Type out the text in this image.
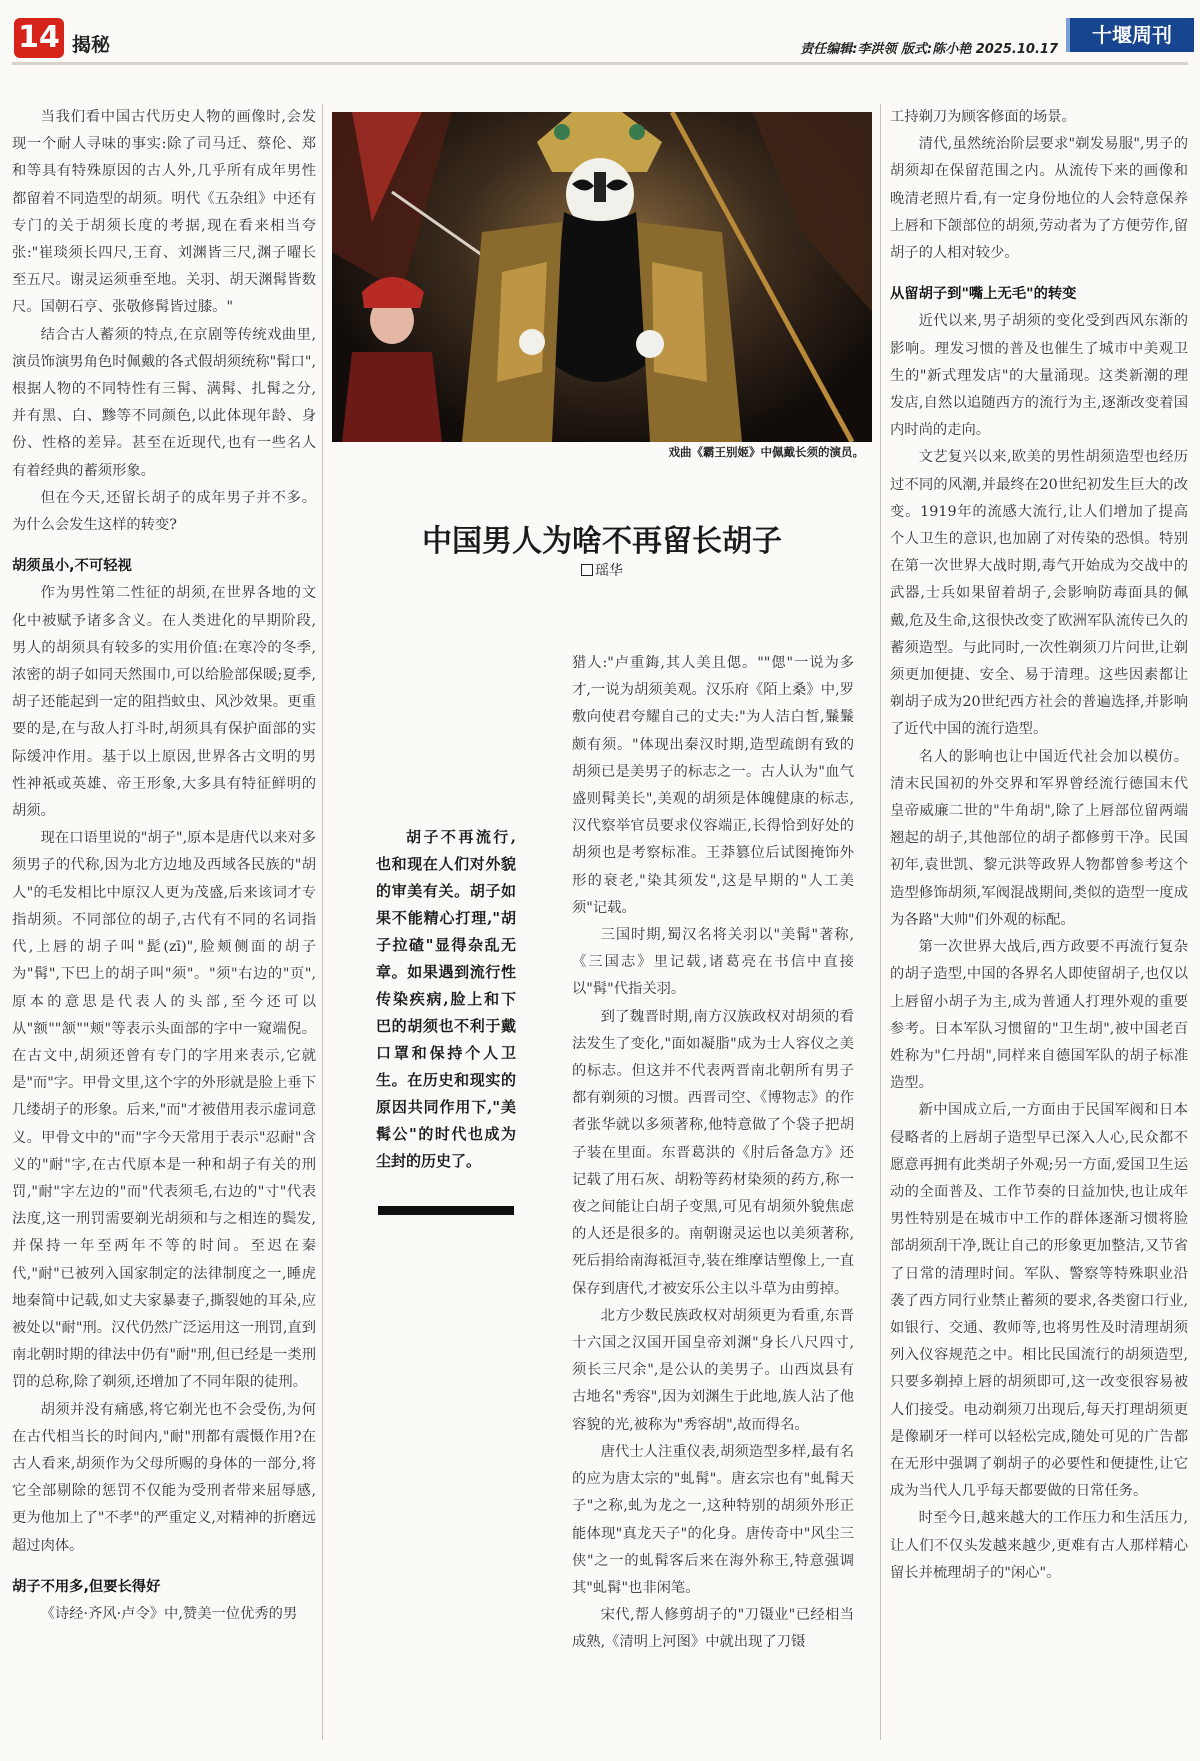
14 揭秘	责任编辑:李洪领 版式:陈小艳 2025.10.17
十堰周刊

当我们看中国古代历史人物的画像时,会发现一个耐人寻味的事实:除了司马迁、蔡伦、郑和等具有特殊原因的古人外,几乎所有成年男性都留着不同造型的胡须。明代《五杂组》中还有专门的关于胡须长度的考据,现在看来相当夸张:"崔琰须长四尺,王育、刘渊皆三尺,渊子曜长至五尺。谢灵运须垂至地。关羽、胡天渊髯皆数尺。国朝石亨、张敬修髯皆过膝。"

结合古人蓄须的特点,在京剧等传统戏曲里,演员饰演男角色时佩戴的各式假胡须统称"髯口",根据人物的不同特性有三髯、满髯、扎髯之分,并有黑、白、黪等不同颜色,以此体现年龄、身份、性格的差异。甚至在近现代,也有一些名人有着经典的蓄须形象。

但在今天,还留长胡子的成年男子并不多。为什么会发生这样的转变?

胡须虽小,不可轻视

作为男性第二性征的胡须,在世界各地的文化中被赋予诸多含义。在人类进化的早期阶段,男人的胡须具有较多的实用价值:在寒冷的冬季,浓密的胡子如同天然围巾,可以给脸部保暖;夏季,胡子还能起到一定的阻挡蚊虫、风沙效果。更重要的是,在与敌人打斗时,胡须具有保护面部的实际缓冲作用。基于以上原因,世界各古文明的男性神祇或英雄、帝王形象,大多具有特征鲜明的胡须。

现在口语里说的"胡子",原本是唐代以来对多须男子的代称,因为北方边地及西域各民族的"胡人"的毛发相比中原汉人更为茂盛,后来该词才专指胡须。不同部位的胡子,古代有不同的名词指代,上唇的胡子叫"髭(zī)",脸颊侧面的胡子为"髯",下巴上的胡子叫"须"。"须"右边的"页",原本的意思是代表人的头部,至今还可以从"额""颔""颊"等表示头面部的字中一窥端倪。在古文中,胡须还曾有专门的字用来表示,它就是"而"字。甲骨文里,这个字的外形就是脸上垂下几缕胡子的形象。后来,"而"才被借用表示虚词意义。甲骨文中的"而"字今天常用于表示"忍耐"含义的"耐"字,在古代原本是一种和胡子有关的刑罚,"耐"字左边的"而"代表须毛,右边的"寸"代表法度,这一刑罚需要剃光胡须和与之相连的鬓发,并保持一年至两年不等的时间。至迟在秦代,"耐"已被列入国家制定的法律制度之一,睡虎地秦简中记载,如丈夫家暴妻子,撕裂她的耳朵,应被处以"耐"刑。汉代仍然广泛运用这一刑罚,直到南北朝时期的律法中仍有"耐"刑,但已经是一类刑罚的总称,除了剃须,还增加了不同年限的徒刑。

胡须并没有痛感,将它剃光也不会受伤,为何在古代相当长的时间内,"耐"刑都有震慑作用?在古人看来,胡须作为父母所赐的身体的一部分,将它全部剔除的惩罚不仅能为受刑者带来屈辱感,更为他加上了"不孝"的严重定义,对精神的折磨远超过肉体。

胡子不用多,但要长得好

《诗经·齐风·卢令》中,赞美一位优秀的男

戏曲《霸王别姬》中佩戴长须的演员。
中国男人为啥不再留长胡子
瑶华
胡子不再流行,也和现在人们对外貌的审美有关。胡子如果不能精心打理,"胡子拉碴"显得杂乱无章。如果遇到流行性传染疾病,脸上和下巴的胡须也不利于戴口罩和保持个人卫生。在历史和现实的原因共同作用下,"美髯公"的时代也成为尘封的历史了。

猎人:"卢重鋂,其人美且偲。""偲"一说为多才,一说为胡须美观。汉乐府《陌上桑》中,罗敷向使君夸耀自己的丈夫:"为人洁白皙,鬑鬑颇有须。"体现出秦汉时期,造型疏朗有致的胡须已是美男子的标志之一。古人认为"血气盛则髯美长",美观的胡须是体魄健康的标志,汉代察举官员要求仪容端正,长得恰到好处的胡须也是考察标准。王莽篡位后试图掩饰外形的衰老,"染其须发",这是早期的"人工美须"记载。

三国时期,蜀汉名将关羽以"美髯"著称,《三国志》里记载,诸葛亮在书信中直接以"髯"代指关羽。

到了魏晋时期,南方汉族政权对胡须的看法发生了变化,"面如凝脂"成为士人容仪之美的标志。但这并不代表两晋南北朝所有男子都有剃须的习惯。西晋司空、《博物志》的作者张华就以多须著称,他特意做了个袋子把胡子装在里面。东晋葛洪的《肘后备急方》还记载了用石灰、胡粉等药材染须的药方,称一夜之间能让白胡子变黑,可见有胡须外貌焦虑的人还是很多的。南朝谢灵运也以美须著称,死后捐给南海祗洹寺,装在维摩诘塑像上,一直保存到唐代,才被安乐公主以斗草为由剪掉。

北方少数民族政权对胡须更为看重,东晋十六国之汉国开国皇帝刘渊"身长八尺四寸,须长三尺余",是公认的美男子。山西岚县有古地名"秀容",因为刘渊生于此地,族人沾了他容貌的光,被称为"秀容胡",故而得名。

唐代士人注重仪表,胡须造型多样,最有名的应为唐太宗的"虬髯"。唐玄宗也有"虬髯天子"之称,虬为龙之一,这种特别的胡须外形正能体现"真龙天子"的化身。唐传奇中"风尘三侠"之一的虬髯客后来在海外称王,特意强调其"虬髯"也非闲笔。

宋代,帮人修剪胡子的"刀镊业"已经相当成熟,《清明上河图》中就出现了刀镊

工持剃刀为顾客修面的场景。

清代,虽然统治阶层要求"剃发易服",男子的胡须却在保留范围之内。从流传下来的画像和晚清老照片看,有一定身份地位的人会特意保养上唇和下颌部位的胡须,劳动者为了方便劳作,留胡子的人相对较少。

从留胡子到"嘴上无毛"的转变

近代以来,男子胡须的变化受到西风东渐的影响。理发习惯的普及也催生了城市中美观卫生的"新式理发店"的大量涌现。这类新潮的理发店,自然以追随西方的流行为主,逐渐改变着国内时尚的走向。

文艺复兴以来,欧美的男性胡须造型也经历过不同的风潮,并最终在20世纪初发生巨大的改变。1919年的流感大流行,让人们增加了提高个人卫生的意识,也加剧了对传染的恐惧。特别在第一次世界大战时期,毒气开始成为交战中的武器,士兵如果留着胡子,会影响防毒面具的佩戴,危及生命,这很快改变了欧洲军队流传已久的蓄须造型。与此同时,一次性剃须刀片问世,让剃须更加便捷、安全、易于清理。这些因素都让剃胡子成为20世纪西方社会的普遍选择,并影响了近代中国的流行造型。

名人的影响也让中国近代社会加以模仿。清末民国初的外交界和军界曾经流行德国末代皇帝威廉二世的"牛角胡",除了上唇部位留两端翘起的胡子,其他部位的胡子都修剪干净。民国初年,袁世凯、黎元洪等政界人物都曾参考这个造型修饰胡须,军阀混战期间,类似的造型一度成为各路"大帅"们外观的标配。

第一次世界大战后,西方政要不再流行复杂的胡子造型,中国的各界名人即使留胡子,也仅以上唇留小胡子为主,成为普通人打理外观的重要参考。日本军队习惯留的"卫生胡",被中国老百姓称为"仁丹胡",同样来自德国军队的胡子标准造型。

新中国成立后,一方面由于民国军阀和日本侵略者的上唇胡子造型早已深入人心,民众都不愿意再拥有此类胡子外观;另一方面,爱国卫生运动的全面普及、工作节奏的日益加快,也让成年男性特别是在城市中工作的群体逐渐习惯将脸部胡须刮干净,既让自己的形象更加整洁,又节省了日常的清理时间。军队、警察等特殊职业沿袭了西方同行业禁止蓄须的要求,各类窗口行业,如银行、交通、教师等,也将男性及时清理胡须列入仪容规范之中。相比民国流行的胡须造型,只要多剃掉上唇的胡须即可,这一改变很容易被人们接受。电动剃须刀出现后,每天打理胡须更是像刷牙一样可以轻松完成,随处可见的广告都在无形中强调了剃胡子的必要性和便捷性,让它成为当代人几乎每天都要做的日常任务。

时至今日,越来越大的工作压力和生活压力,让人们不仅头发越来越少,更难有古人那样精心留长并梳理胡子的"闲心"。
